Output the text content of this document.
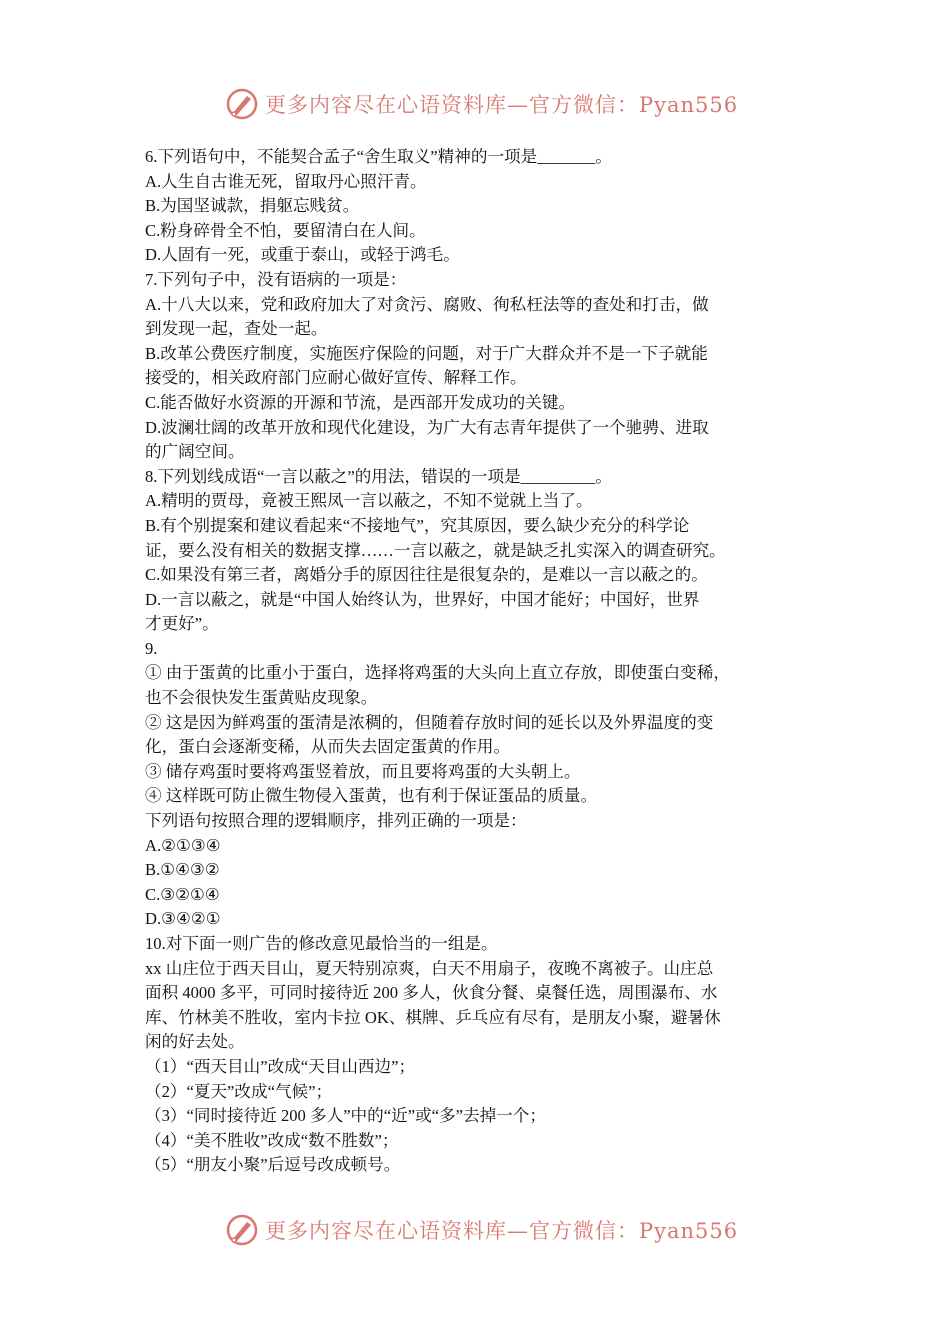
更多内容尽在心语资料库—官方微信：Pyan556

6.下列语句中，不能契合孟子“舍生取义”精神的一项是_______。

A.人生自古谁无死，留取丹心照汗青。

B.为国坚诚款，捐躯忘贱贫。

C.粉身碎骨全不怕，要留清白在人间。

D.人固有一死，或重于泰山，或轻于鸿毛。

7.下列句子中，没有语病的一项是：

A.十八大以来，党和政府加大了对贪污、腐败、徇私枉法等的查处和打击，做

到发现一起，查处一起。

B.改革公费医疗制度，实施医疗保险的问题，对于广大群众并不是一下子就能

接受的，相关政府部门应耐心做好宣传、解释工作。

C.能否做好水资源的开源和节流，是西部开发成功的关键。

D.波澜壮阔的改革开放和现代化建设，为广大有志青年提供了一个驰骋、进取

的广阔空间。

8.下列划线成语“一言以蔽之”的用法，错误的一项是_________。

A.精明的贾母，竟被王熙凤一言以蔽之，不知不觉就上当了。

B.有个别提案和建议看起来“不接地气”，究其原因，要么缺少充分的科学论

证，要么没有相关的数据支撑……一言以蔽之，就是缺乏扎实深入的调查研究。

C.如果没有第三者，离婚分手的原因往往是很复杂的，是难以一言以蔽之的。

D.一言以蔽之，就是“中国人始终认为，世界好，中国才能好；中国好，世界

才更好”。

9.

① 由于蛋黄的比重小于蛋白，选择将鸡蛋的大头向上直立存放，即使蛋白变稀，

也不会很快发生蛋黄贴皮现象。

② 这是因为鲜鸡蛋的蛋清是浓稠的，但随着存放时间的延长以及外界温度的变

化，蛋白会逐渐变稀，从而失去固定蛋黄的作用。

③ 储存鸡蛋时要将鸡蛋竖着放，而且要将鸡蛋的大头朝上。

④ 这样既可防止微生物侵入蛋黄，也有利于保证蛋品的质量。

下列语句按照合理的逻辑顺序，排列正确的一项是：

A.②①③④

B.①④③②

C.③②①④

D.③④②①

10.对下面一则广告的修改意见最恰当的一组是。

xx 山庄位于西天目山，夏天特别凉爽，白天不用扇子，夜晚不离被子。山庄总

面积 4000 多平，可同时接待近 200 多人，伙食分餐、桌餐任选，周围瀑布、水

库、竹林美不胜收，室内卡拉 OK、棋牌、乒乓应有尽有，是朋友小聚，避暑休

闲的好去处。

（1）“西天目山”改成“天目山西边”；

（2）“夏天”改成“气候”；

（3）“同时接待近 200 多人”中的“近”或“多”去掉一个；

（4）“美不胜收”改成“数不胜数”；

（5）“朋友小聚”后逗号改成顿号。

更多内容尽在心语资料库—官方微信：Pyan556
